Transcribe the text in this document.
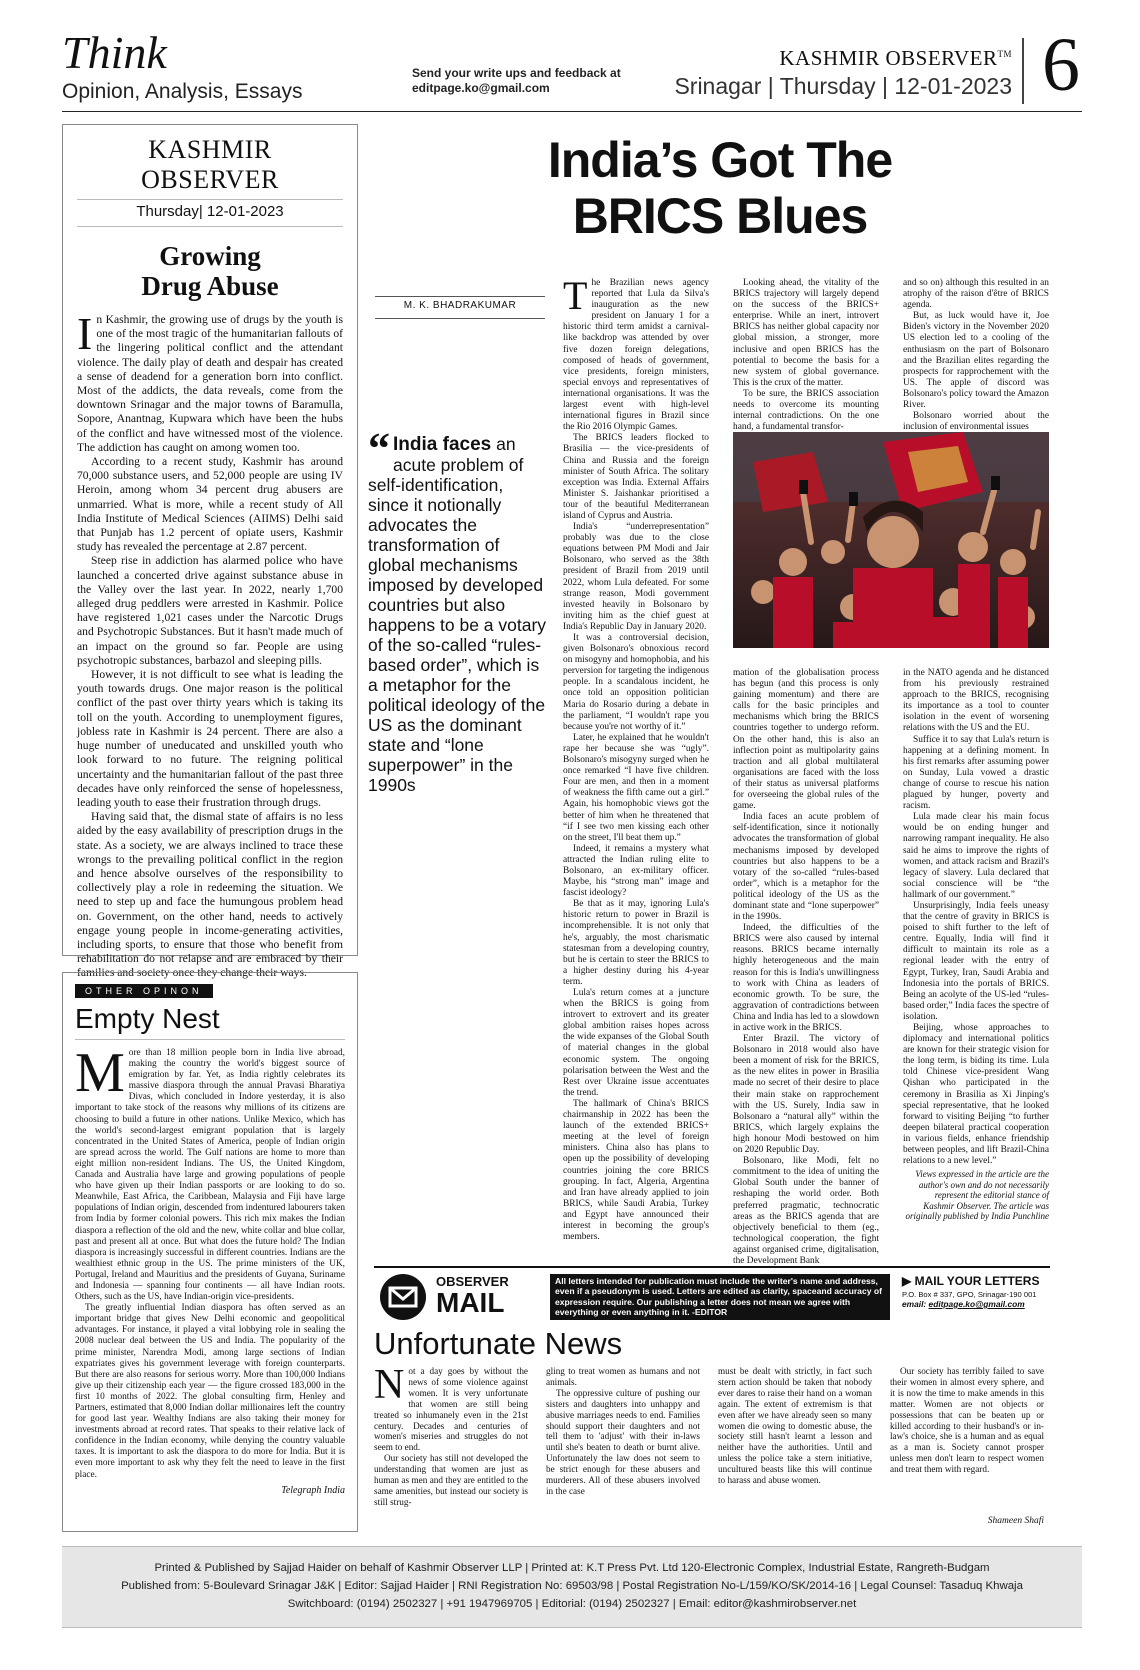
Think
Opinion, Analysis, Essays
Send your write ups and feedback at
editpage.ko@gmail.com
KASHMIR OBSERVER™
Srinagar | Thursday | 12-01-2023 6
KASHMIR OBSERVER
Thursday| 12-01-2023
Growing
Drug Abuse

In Kashmir, the growing use of drugs by the youth is one of the most tragic of the humanitarian fallouts of the lingering political conflict and the attendant violence. The daily play of death and despair has created a sense of deadend for a generation born into conflict. Most of the addicts, the data reveals, come from the downtown Srinagar and the major towns of Baramulla, Sopore, Anantnag, Kupwara which have been the hubs of the conflict and have witnessed most of the violence. The addiction has caught on among women too.

According to a recent study, Kashmir has around 70,000 substance users, and 52,000 people are using IV Heroin, among whom 34 percent drug abusers are unmarried. What is more, while a recent study of All India Institute of Medical Sciences (AIIMS) Delhi said that Punjab has 1.2 percent of opiate users, Kashmir study has revealed the percentage at 2.87 percent.

Steep rise in addiction has alarmed police who have launched a concerted drive against substance abuse in the Valley over the last year. In 2022, nearly 1,700 alleged drug peddlers were arrested in Kashmir. Police have registered 1,021 cases under the Narcotic Drugs and Psychotropic Substances. But it hasn't made much of an impact on the ground so far. People are using psychotropic substances, barbazol and sleeping pills.

However, it is not difficult to see what is leading the youth towards drugs. One major reason is the political conflict of the past over thirty years which is taking its toll on the youth. According to unemployment figures, jobless rate in Kashmir is 24 percent. There are also a huge number of uneducated and unskilled youth who look forward to no future. The reigning political uncertainty and the humanitarian fallout of the past three decades have only reinforced the sense of hopelessness, leading youth to ease their frustration through drugs.

Having said that, the dismal state of affairs is no less aided by the easy availability of prescription drugs in the state. As a society, we are always inclined to trace these wrongs to the prevailing political conflict in the region and hence absolve ourselves of the responsibility to collectively play a role in redeeming the situation. We need to step up and face the humungous problem head on. Government, on the other hand, needs to actively engage young people in income-generating activities, including sports, to ensure that those who benefit from rehabilitation do not relapse and are embraced by their families and society once they change their ways.

OTHER OPINON
Empty Nest

More than 18 million people born in India live abroad, making the country the world's biggest source of emigration by far. Yet, as India rightly celebrates its massive diaspora through the annual Pravasi Bharatiya Divas, which concluded in Indore yesterday, it is also important to take stock of the reasons why millions of its citizens are choosing to build a future in other nations. Unlike Mexico, which has the world's second-largest emigrant population that is largely concentrated in the United States of America, people of Indian origin are spread across the world. The Gulf nations are home to more than eight million non-resident Indians. The US, the United Kingdom, Canada and Australia have large and growing populations of people who have given up their Indian passports or are looking to do so. Meanwhile, East Africa, the Caribbean, Malaysia and Fiji have large populations of Indian origin, descended from indentured labourers taken from India by former colonial powers. This rich mix makes the Indian diaspora a reflection of the old and the new, white collar and blue collar, past and present all at once. But what does the future hold? The Indian diaspora is increasingly successful in different countries. Indians are the wealthiest ethnic group in the US. The prime ministers of the UK, Portugal, Ireland and Mauritius and the presidents of Guyana, Suriname and Indonesia — spanning four continents — all have Indian roots. Others, such as the US, have Indian-origin vice-presidents.

The greatly influential Indian diaspora has often served as an important bridge that gives New Delhi economic and geopolitical advantages. For instance, it played a vital lobbying role in sealing the 2008 nuclear deal between the US and India. The popularity of the prime minister, Narendra Modi, among large sections of Indian expatriates gives his government leverage with foreign counterparts. But there are also reasons for serious worry. More than 100,000 Indians give up their citizenship each year — the figure crossed 183,000 in the first 10 months of 2022. The global consulting firm, Henley and Partners, estimated that 8,000 Indian dollar millionaires left the country for good last year. Wealthy Indians are also taking their money for investments abroad at record rates. That speaks to their relative lack of confidence in the Indian economy, while denying the country valuable taxes. It is important to ask the diaspora to do more for India. But it is even more important to ask why they felt the need to leave in the first place.

Telegraph India
India’s Got The
BRICS Blues
M. K. BHADRAKUMAR
“ India faces an acute problem of self-identification, since it notionally advocates the transformation of global mechanisms imposed by developed countries but also happens to be a votary of the so-called “rules-based order”, which is a metaphor for the political ideology of the US as the dominant state and “lone superpower” in the 1990s

The Brazilian news agency reported that Lula da Silva's inauguration as the new president on January 1 for a historic third term amidst a carnival-like backdrop was attended by over five dozen foreign delegations, composed of heads of government, vice presidents, foreign ministers, special envoys and representatives of international organisations. It was the largest event with high-level international figures in Brazil since the Rio 2016 Olympic Games.

The BRICS leaders flocked to Brasilia — the vice-presidents of China and Russia and the foreign minister of South Africa. The solitary exception was India. External Affairs Minister S. Jaishankar prioritised a tour of the beautiful Mediterranean island of Cyprus and Austria.

India's “underrepresentation” probably was due to the close equations between PM Modi and Jair Bolsonaro, who served as the 38th president of Brazil from 2019 until 2022, whom Lula defeated. For some strange reason, Modi government invested heavily in Bolsonaro by inviting him as the chief guest at India's Republic Day in January 2020.

It was a controversial decision, given Bolsonaro's obnoxious record on misogyny and homophobia, and his perversion for targeting the indigenous people. In a scandalous incident, he once told an opposition politician Maria do Rosario during a debate in the parliament, “I wouldn't rape you because you're not worthy of it.”

Later, he explained that he wouldn't rape her because she was “ugly”. Bolsonaro's misogyny surged when he once remarked “I have five children. Four are men, and then in a moment of weakness the fifth came out a girl.” Again, his homophobic views got the better of him when he threatened that “if I see two men kissing each other on the street, I'll beat them up.”

Indeed, it remains a mystery what attracted the Indian ruling elite to Bolsonaro, an ex-military officer. Maybe, his “strong man” image and fascist ideology?

Be that as it may, ignoring Lula's historic return to power in Brazil is incomprehensible. It is not only that he's, arguably, the most charismatic statesman from a developing country, but he is certain to steer the BRICS to a higher destiny during his 4-year term.

Lula's return comes at a juncture when the BRICS is going from introvert to extrovert and its greater global ambition raises hopes across the wide expanses of the Global South of material changes in the global economic system. The ongoing polarisation between the West and the Rest over Ukraine issue accentuates the trend.

The hallmark of China's BRICS chairmanship in 2022 has been the launch of the extended BRICS+ meeting at the level of foreign ministers. China also has plans to open up the possibility of developing countries joining the core BRICS grouping. In fact, Algeria, Argentina and Iran have already applied to join BRICS, while Saudi Arabia, Turkey and Egypt have announced their interest in becoming the group's members.

Looking ahead, the vitality of the BRICS trajectory will largely depend on the success of the BRICS+ enterprise. While an inert, introvert BRICS has neither global capacity nor global mission, a stronger, more inclusive and open BRICS has the potential to become the basis for a new system of global governance. This is the crux of the matter.

To be sure, the BRICS association needs to overcome its mounting internal contradictions. On the one hand, a fundamental transfor-

and so on) although this resulted in an atrophy of the raison d'être of BRICS agenda.

But, as luck would have it, Joe Biden's victory in the November 2020 US election led to a cooling of the enthusiasm on the part of Bolsonaro and the Brazilian elites regarding the prospects for rapprochement with the US. The apple of discord was Bolsonaro's policy toward the Amazon River.

Bolsonaro worried about the inclusion of environmental issues

mation of the globalisation process has begun (and this process is only gaining momentum) and there are calls for the basic principles and mechanisms which bring the BRICS countries together to undergo reform. On the other hand, this is also an inflection point as multipolarity gains traction and all global multilateral organisations are faced with the loss of their status as universal platforms for overseeing the global rules of the game.

India faces an acute problem of self-identification, since it notionally advocates the transformation of global mechanisms imposed by developed countries but also happens to be a votary of the so-called “rules-based order”, which is a metaphor for the political ideology of the US as the dominant state and “lone superpower” in the 1990s.

Indeed, the difficulties of the BRICS were also caused by internal reasons. BRICS became internally highly heterogeneous and the main reason for this is India's unwillingness to work with China as leaders of economic growth. To be sure, the aggravation of contradictions between China and India has led to a slowdown in active work in the BRICS.

Enter Brazil. The victory of Bolsonaro in 2018 would also have been a moment of risk for the BRICS, as the new elites in power in Brasilia made no secret of their desire to place their main stake on rapprochement with the US. Surely, India saw in Bolsonaro a “natural ally” within the BRICS, which largely explains the high honour Modi bestowed on him on 2020 Republic Day.

Bolsonaro, like Modi, felt no commitment to the idea of uniting the Global South under the banner of reshaping the world order. Both preferred pragmatic, technocratic areas as the BRICS agenda that are objectively beneficial to them (eg., technological cooperation, the fight against organised crime, digitalisation, the Development Bank

in the NATO agenda and he distanced from his previously restrained approach to the BRICS, recognising its importance as a tool to counter isolation in the event of worsening relations with the US and the EU.

Suffice it to say that Lula's return is happening at a defining moment. In his first remarks after assuming power on Sunday, Lula vowed a drastic change of course to rescue his nation plagued by hunger, poverty and racism.

Lula made clear his main focus would be on ending hunger and narrowing rampant inequality. He also said he aims to improve the rights of women, and attack racism and Brazil's legacy of slavery. Lula declared that social conscience will be “the hallmark of our government.”

Unsurprisingly, India feels uneasy that the centre of gravity in BRICS is poised to shift further to the left of centre. Equally, India will find it difficult to maintain its role as a regional leader with the entry of Egypt, Turkey, Iran, Saudi Arabia and Indonesia into the portals of BRICS. Being an acolyte of the US-led “rules-based order,” India faces the spectre of isolation.

Beijing, whose approaches to diplomacy and international politics are known for their strategic vision for the long term, is biding its time. Lula told Chinese vice-president Wang Qishan who participated in the ceremony in Brasilia as Xi Jinping's special representative, that he looked forward to visiting Beijing “to further deepen bilateral practical cooperation in various fields, enhance friendship between peoples, and lift Brazil-China relations to a new level.”

Views expressed in the article are the author's own and do not necessarily represent the editorial stance of Kashmir Observer. The article was originally published by India Punchline

OBSERVER
MAIL
All letters intended for publication must include the writer's name and address, even if a pseudonym is used. Letters are edited as clarity, spaceand accuracy of expression require. Our publishing a letter does not mean we agree with everything or even anything in it. -EDITOR
▶ MAIL YOUR LETTERS
P.O. Box # 337, GPO, Srinagar-190 001
email: editpage.ko@gmail.com
Unfortunate News

Not a day goes by without the news of some violence against women. It is very unfortunate that women are still being treated so inhumanely even in the 21st century. Decades and centuries of women's miseries and struggles do not seem to end.

Our society has still not developed the understanding that women are just as human as men and they are entitled to the same amenities, but instead our society is still strug-

gling to treat women as humans and not animals.

The oppressive culture of pushing our sisters and daughters into unhappy and abusive marriages needs to end. Families should support their daughters and not tell them to 'adjust' with their in-laws until she's beaten to death or burnt alive. Unfortunately the law does not seem to be strict enough for these abusers and murderers. All of these abusers involved in the case

must be dealt with strictly, in fact such stern action should be taken that nobody ever dares to raise their hand on a woman again. The extent of extremism is that even after we have already seen so many women die owing to domestic abuse, the society still hasn't learnt a lesson and neither have the authorities. Until and unless the police take a stern initiative, uncultured beasts like this will continue to harass and abuse women.

Our society has terribly failed to save their women in almost every sphere, and it is now the time to make amends in this matter. Women are not objects or possessions that can be beaten up or killed according to their husband's or in-law's choice, she is a human and as equal as a man is. Society cannot prosper unless men don't learn to respect women and treat them with regard.

Shameen Shafi
Printed & Published by Sajjad Haider on behalf of Kashmir Observer LLP | Printed at: K.T Press Pvt. Ltd 120-Electronic Complex, Industrial Estate, Rangreth-Budgam
Published from: 5-Boulevard Srinagar J&K | Editor: Sajjad Haider | RNI Registration No: 69503/98 | Postal Registration No-L/159/KO/SK/2014-16 | Legal Counsel: Tasaduq Khwaja
Switchboard: (0194) 2502327 | +91 1947969705 | Editorial: (0194) 2502327 | Email: editor@kashmirobserver.net
